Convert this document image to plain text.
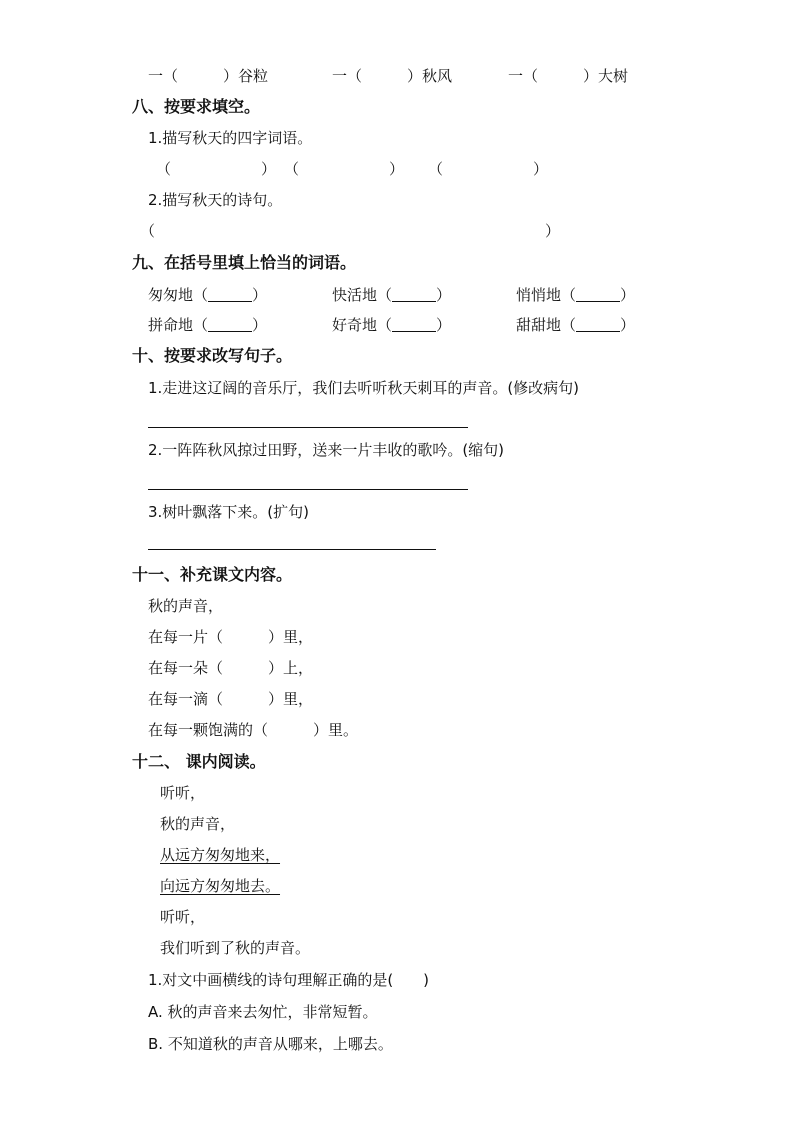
一（　　　）谷粒	一（　　　）秋风	一（　　　）大树
八、按要求填空。
1.描写秋天的四字词语。
（　　　　　　） （　　　　　　） （　　　　　　）
2.描写秋天的诗句。
（　　　　　　　　　　　　　　　　　　　　　　　　　　）
九、在括号里填上恰当的词语。
匆匆地（	）	快活地（	）	悄悄地（	）
拼命地（	）	好奇地（	）	甜甜地（	）
十、按要求改写句子。
1.走进这辽阔的音乐厅，我们去听听秋天刺耳的声音。(修改病句)
2.一阵阵秋风掠过田野，送来一片丰收的歌吟。(缩句)
3.树叶飘落下来。(扩句)
十一、补充课文内容。
秋的声音，
在每一片（　　　）里，
在每一朵（　　　）上，
在每一滴（　　　）里，
在每一颗饱满的（　　　）里。
十二、 课内阅读。
听听，
秋的声音，
从远方匆匆地来，
向远方匆匆地去。
听听，
我们听到了秋的声音。
1.对文中画横线的诗句理解正确的是(　　)
A. 秋的声音来去匆忙，非常短暂。
B. 不知道秋的声音从哪来，上哪去。
